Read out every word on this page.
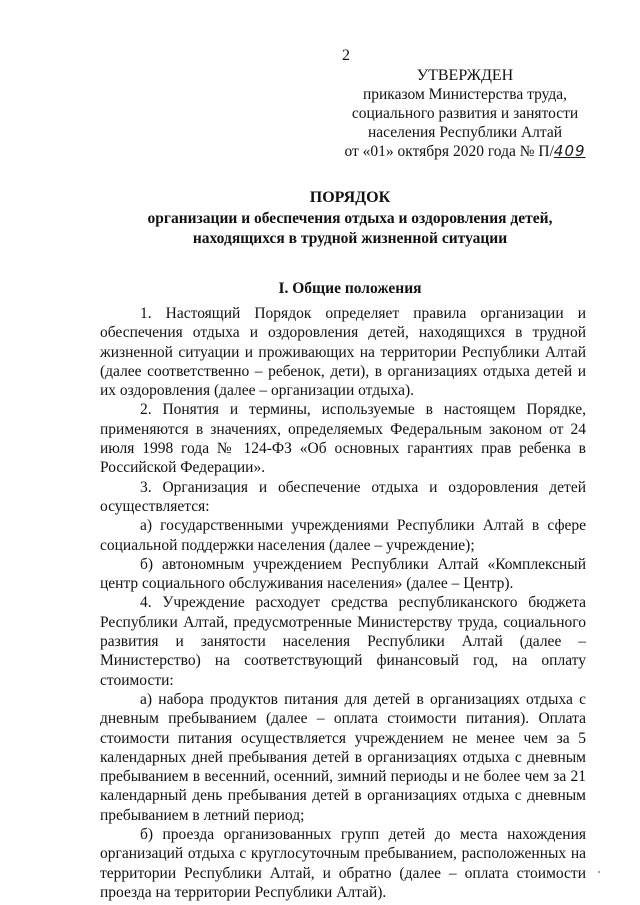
2
УТВЕРЖДЕН
приказом Министерства труда,
социального развития и занятости
населения Республики Алтай
от «01» октября 2020 года № П/409
ПОРЯДОК
организации и обеспечения отдыха и оздоровления детей,
находящихся в трудной жизненной ситуации
I. Общие положения

1. Настоящий Порядок определяет правила организации и обеспечения отдыха и оздоровления детей, находящихся в трудной жизненной ситуации и проживающих на территории Республики Алтай (далее соответственно – ребенок, дети), в организациях отдыха детей и их оздоровления (далее – организации отдыха).

2. Понятия и термины, используемые в настоящем Порядке, применяются в значениях, определяемых Федеральным законом от 24 июля 1998 года № 124-ФЗ «Об основных гарантиях прав ребенка в Российской Федерации».

3. Организация и обеспечение отдыха и оздоровления детей осуществляется:

а) государственными учреждениями Республики Алтай в сфере социальной поддержки населения (далее – учреждение);

б) автономным учреждением Республики Алтай «Комплексный центр социального обслуживания населения» (далее – Центр).

4. Учреждение расходует средства республиканского бюджета Республики Алтай, предусмотренные Министерству труда, социального развития и занятости населения Республики Алтай (далее – Министерство) на соответствующий финансовый год, на оплату стоимости:

а) набора продуктов питания для детей в организациях отдыха с дневным пребыванием (далее – оплата стоимости питания). Оплата стоимости питания осуществляется учреждением не менее чем за 5 календарных дней пребывания детей в организациях отдыха с дневным пребыванием в весенний, осенний, зимний периоды и не более чем за 21 календарный день пребывания детей в организациях отдыха с дневным пребыванием в летний период;

б) проезда организованных групп детей до места нахождения организаций отдыха с круглосуточным пребыванием, расположенных на территории Республики Алтай, и обратно (далее – оплата стоимости проезда на территории Республики Алтай).
